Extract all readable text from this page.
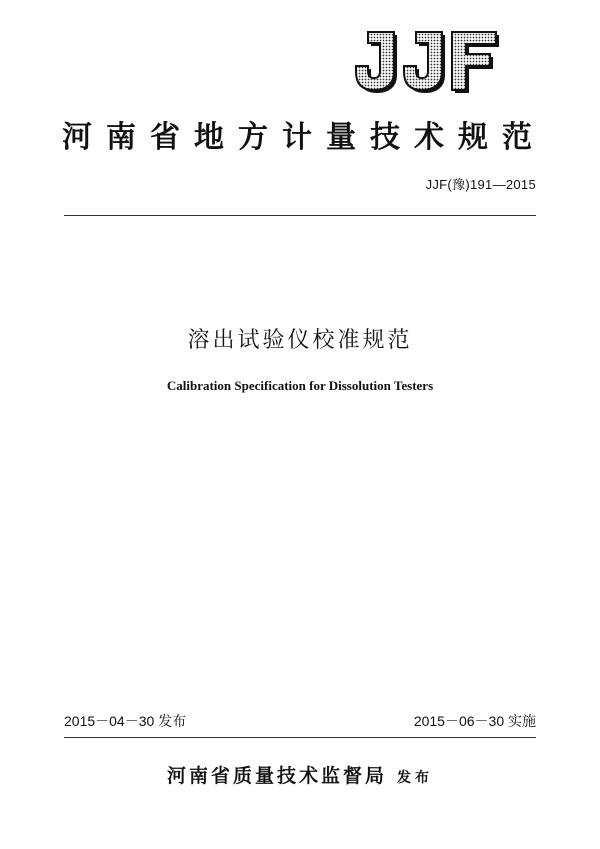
河南省地方计量技术规范
JJF(豫)191—2015
溶出试验仪校准规范
Calibration Specification for Dissolution Testers
2015－04－30 发布	2015－06－30 实施
河南省质量技术监督局 发布
